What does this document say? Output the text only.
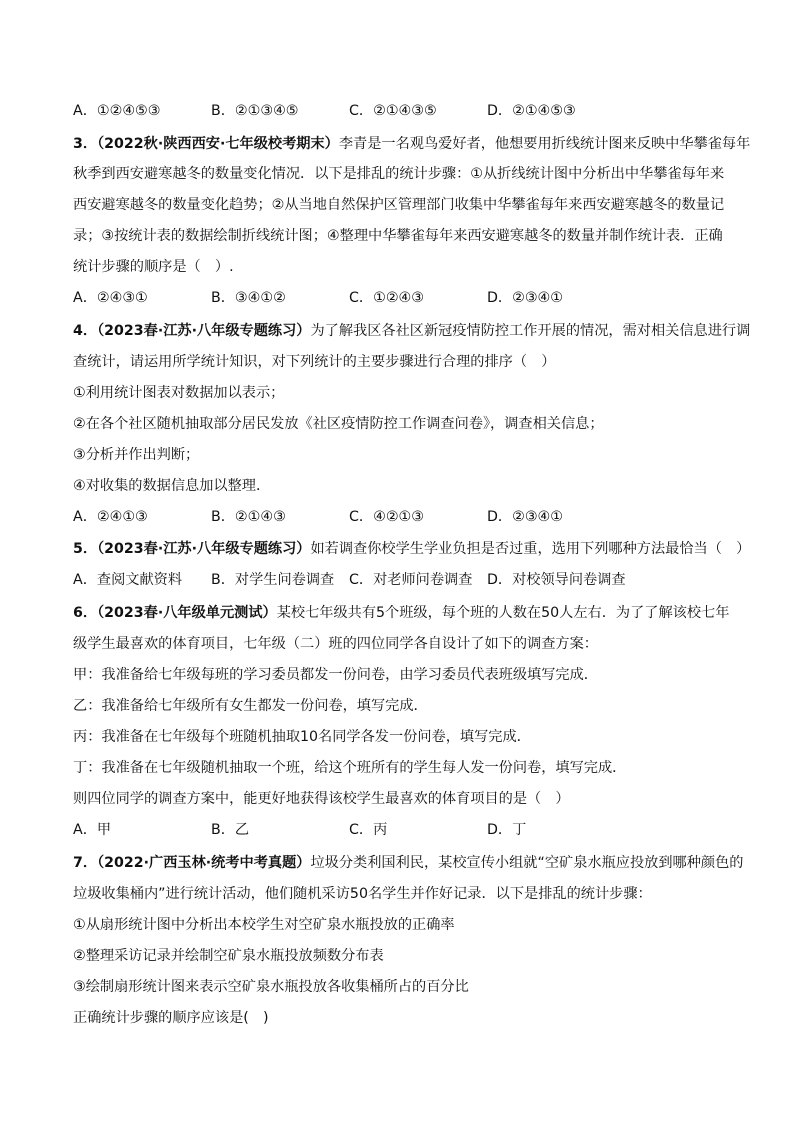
A．①②④⑤③	B．②①③④⑤	C．②①④③⑤	D．②①④⑤③
3．（2022秋·陕西西安·七年级校考期末）李青是一名观鸟爱好者，他想要用折线统计图来反映中华攀雀每年
秋季到西安避寒越冬的数量变化情况．以下是排乱的统计步骤：①从折线统计图中分析出中华攀雀每年来
西安避寒越冬的数量变化趋势；②从当地自然保护区管理部门收集中华攀雀每年来西安避寒越冬的数量记
录；③按统计表的数据绘制折线统计图；④整理中华攀雀每年来西安避寒越冬的数量并制作统计表．正确
统计步骤的顺序是（　）.
A．②④③①	B．③④①②	C．①②④③	D．②③④①
4．（2023春·江苏·八年级专题练习）为了解我区各社区新冠疫情防控工作开展的情况，需对相关信息进行调
查统计，请运用所学统计知识，对下列统计的主要步骤进行合理的排序（　）
①利用统计图表对数据加以表示；
②在各个社区随机抽取部分居民发放《社区疫情防控工作调查问卷》，调查相关信息；
③分析并作出判断；
④对收集的数据信息加以整理．
A．②④①③	B．②①④③	C．④②①③	D．②③④①
5．（2023春·江苏·八年级专题练习）如若调查你校学生学业负担是否过重，选用下列哪种方法最恰当（　）
A．查阅文献资料 B．对学生问卷调查 C．对老师问卷调查 D．对校领导问卷调查
6．（2023春·八年级单元测试）某校七年级共有5个班级，每个班的人数在50人左右．为了了解该校七年
级学生最喜欢的体育项目，七年级（二）班的四位同学各自设计了如下的调查方案：
甲：我准备给七年级每班的学习委员都发一份问卷，由学习委员代表班级填写完成．
乙：我准备给七年级所有女生都发一份问卷，填写完成．
丙：我准备在七年级每个班随机抽取10名同学各发一份问卷，填写完成．
丁：我准备在七年级随机抽取一个班，给这个班所有的学生每人发一份问卷，填写完成．
则四位同学的调查方案中，能更好地获得该校学生最喜欢的体育项目的是（　）
A．甲	B．乙	C．丙	D．丁
7．（2022·广西玉林·统考中考真题）垃圾分类利国利民，某校宣传小组就“空矿泉水瓶应投放到哪种颜色的
垃圾收集桶内”进行统计活动，他们随机采访50名学生并作好记录．以下是排乱的统计步骤：
①从扇形统计图中分析出本校学生对空矿泉水瓶投放的正确率
②整理采访记录并绘制空矿泉水瓶投放频数分布表
③绘制扇形统计图来表示空矿泉水瓶投放各收集桶所占的百分比
正确统计步骤的顺序应该是(　)
